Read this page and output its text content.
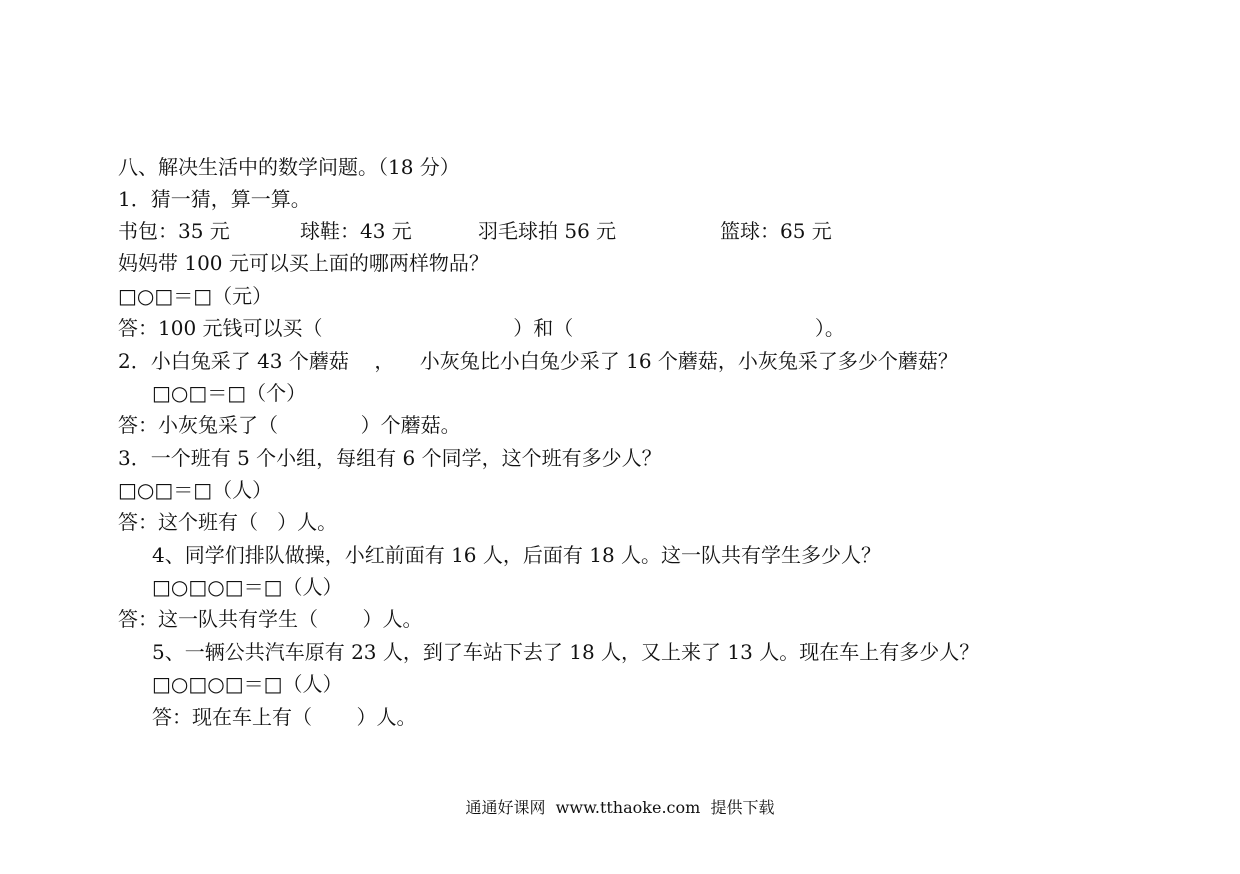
八、解决生活中的数学问题。（18 分）
1．猜一猜，算一算。
书包：35 元	球鞋：43 元	羽毛球拍 56 元	篮球：65 元
妈妈带 100 元可以买上面的哪两样物品？
□○□＝□（元）
答：100 元钱可以买（                              ）和（                                      ）。
2．小白兔采了 43 个蘑菇    ，    小灰兔比小白兔少采了 16 个蘑菇，小灰兔采了多少个蘑菇？
□○□＝□（个）
答：小灰兔采了（             ）个蘑菇。
3．一个班有 5 个小组，每组有 6 个同学，这个班有多少人？
□○□＝□（人）
答：这个班有（   ）人。
4、同学们排队做操，小红前面有 16 人，后面有 18 人。这一队共有学生多少人？
□○□○□＝□（人）
答：这一队共有学生（       ）人。
5、一辆公共汽车原有 23 人，到了车站下去了 18 人，又上来了 13 人。现在车上有多少人？
□○□○□＝□（人）
答：现在车上有（       ）人。
通通好课网  www.tthaoke.com  提供下载
